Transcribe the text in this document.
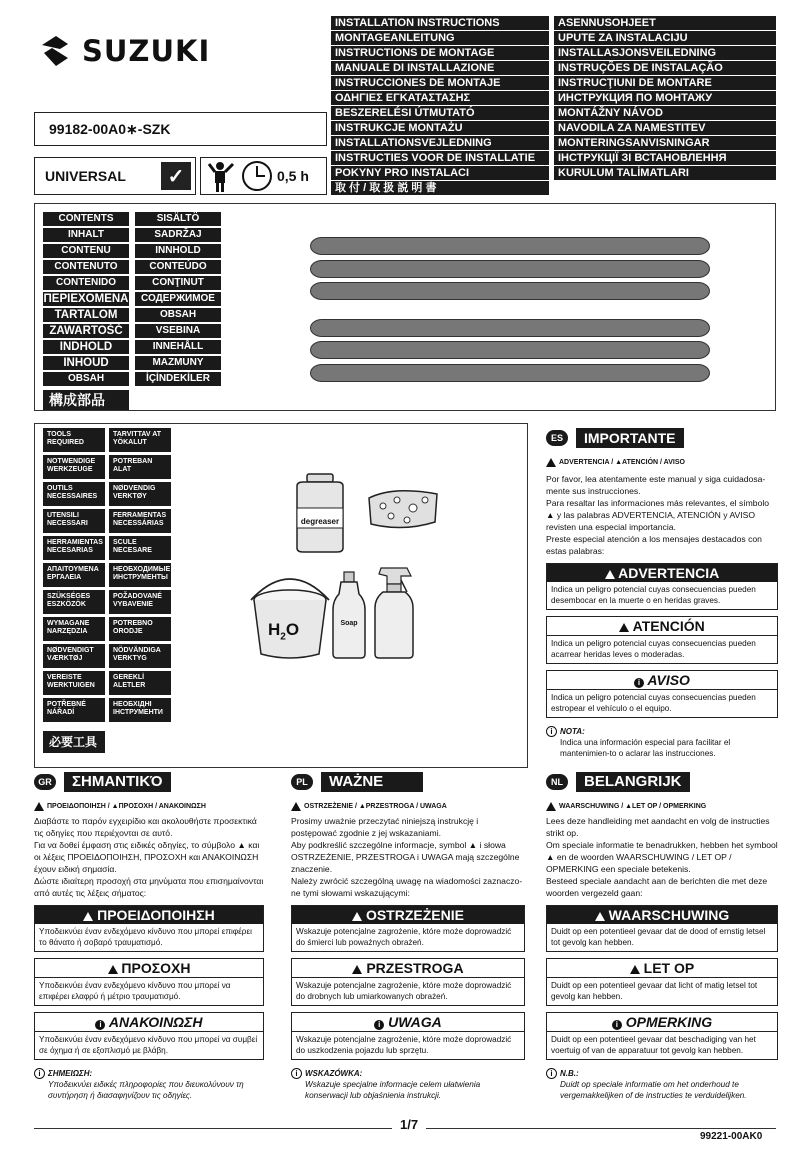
SUZUKI
99182-00A0∗-SZK
UNIVERSAL	✓	0,5 h
INSTALLATION INSTRUCTIONS
MONTAGEANLEITUNG
INSTRUCTIONS DE MONTAGE
MANUALE DI INSTALLAZIONE
INSTRUCCIONES DE MONTAJE
ΟΔΗΓΙΕΣ ΕΓΚΑΤΑΣΤΑΣΗΣ
BESZERELÉSI ÚTMUTATÓ
INSTRUKCJE MONTAŻU
INSTALLATIONSVEJLEDNING
INSTRUCTIES VOOR DE INSTALLATIE
POKYNY PRO INSTALACI
取 付 / 取 扱 説 明 書
ASENNUSOHJEET
UPUTE ZA INSTALACIJU
INSTALLASJONSVEILEDNING
INSTRUÇÕES DE INSTALAÇÃO
INSTRUCŢIUNI DE MONTARE
ИНСТРУКЦИЯ ПО МОНТАЖУ
MONTÁŽNY NÁVOD
NAVODILA ZA NAMESTITEV
MONTERINGSANVISNINGAR
ІНСТРУКЦІЇ ЗІ ВСТАНОВЛЕННЯ
KURULUM TALİMATLARI
CONTENTS	SISÄLTÖ
INHALT	SADRŽAJ
CONTENU	INNHOLD
CONTENUTO	CONTEÚDO
CONTENIDO	CONŢINUT
ΠΕΡΙΕΧΟΜΕΝΑ	СОДЕРЖИМОЕ
TARTALOM	OBSAH
ZAWARTOŚĆ	VSEBINA
INDHOLD	INNEHÅLL
INHOUD	MAZMUNY
OBSAH	İÇİNDEKİLER
構成部品
TOOLS REQUIRED
TARVITTAV AT YÖKALUT
NOTWENDIGE WERKZEUGE
POTREBAN ALAT
OUTILS NECESSAIRES
NØDVENDIG VERKTØY
UTENSILI NECESSARI
FERRAMENTAS NECESSÁRIAS
HERRAMIENTAS NECESARIAS
SCULE NECESARE
ΑΠΑΙΤΟΥΜΕΝΑ ΕΡΓΑΛΕΙΑ
НЕОБХОДИМЫЕ ИНСТРУМЕНТЫ
SZÜKSÉGES ESZKÖZÖK
POŽADOVANÉ VYBAVENIE
WYMAGANE NARZĘDZIA
POTREBNO ORODJE
NØDVENDIGT VÆRKTØJ
NÖDVÄNDIGA VERKTYG
VEREISTE WERKTUIGEN
GEREKLİ ALETLER
POTŘEBNÉ NÁŘADÍ
НЕОБХІДНІ ІНСТРУМЕНТИ
必要工具
degreaser
$H_2O$	Soap
ES	IMPORTANTE
ADVERTENCIA / ▲ATENCIÓN / AVISO
Por favor, lea atentamente este manual y siga cuidadosa-mente sus instrucciones.
Para resaltar las informaciones más relevantes, el símbolo ▲ y las palabras ADVERTENCIA, ATENCIÓN y AVISO revisten una especial importancia.
Preste especial atención a los mensajes destacados con estas palabras:
ADVERTENCIA
Indica un peligro potencial cuyas consecuencias pueden desembocar en la muerte o en heridas graves.
ATENCIÓN
Indica un peligro potencial cuyas consecuencias pueden acarrear heridas leves o moderadas.
i AVISO
Indica un peligro potencial cuyas consecuencias pueden estropear el vehículo o el equipo.
i NOTA:
Indica una información especial para facilitar el mantenimien-to o aclarar las instrucciones.
GR	ΣΗΜΑΝΤΙΚΌ
ΠΡΟΕΙΔΟΠΟΙΗΣΗ / ▲ΠΡΟΣΟΧΗ / ΑΝΑΚΟΙΝΩΣΗ
Διαβάστε το παρόν εγχειρίδιο και ακολουθήστε προσεκτικά τις οδηγίες που περιέχονται σε αυτό.
Για να δοθεί έμφαση στις ειδικές οδηγίες, το σύμβολο ▲ και οι λέξεις ΠΡΟΕΙΔΟΠΟΙΗΣΗ, ΠΡΟΣΟΧΗ και ΑΝΑΚΟΙΝΩΣΗ έχουν ειδική σημασία.
Δώστε ιδιαίτερη προσοχή στα μηνύματα που επισημαίνονται από αυτές τις λέξεις σήματος:
ΠΡΟΕΙΔΟΠΟΙΗΣΗ
Υποδεικνύει έναν ενδεχόμενο κίνδυνο που μπορεί επιφέρει το θάνατο ή σοβαρό τραυματισμό.
ΠΡΟΣΟΧΗ
Υποδεικνύει έναν ενδεχόμενο κίνδυνο που μπορεί να επιφέρει ελαφρύ ή μέτριο τραυματισμό.
i ΑΝΑΚΟΙΝΩΣΗ
Υποδεικνύει έναν ενδεχόμενο κίνδυνο που μπορεί να συμβεί σε όχημα ή σε εξοπλισμό με βλάβη.
i ΣΗΜΕΙΩΣΗ:
Υποδεικνύει ειδικές πληροφορίες που διευκολύνουν τη συντήρηση ή διασαφηνίζουν τις οδηγίες.
PL	WAŻNE
OSTRZEŻENIE / ▲PRZESTROGA / UWAGA
Prosimy uważnie przeczytać niniejszą instrukcję i postępować zgodnie z jej wskazaniami.
Aby podkreślić szczególne informacje, symbol ▲ i słowa OSTRZEŻENIE, PRZESTROGA i UWAGA mają szczególne znaczenie.
Należy zwrócić szczególną uwagę na wiadomości zaznaczo-ne tymi słowami wskazującymi:
OSTRZEŻENIE
Wskazuje potencjalne zagrożenie, które może doprowadzić do śmierci lub poważnych obrażeń.
PRZESTROGA
Wskazuje potencjalne zagrożenie, które może doprowadzić do drobnych lub umiarkowanych obrażeń.
i UWAGA
Wskazuje potencjalne zagrożenie, które może doprowadzić do uszkodzenia pojazdu lub sprzętu.
i WSKAZÓWKA:
Wskazuje specjalne informacje celem ułatwienia konserwacji lub objaśnienia instrukcji.
NL	BELANGRIJK
WAARSCHUWING / ▲LET OP / OPMERKING
Lees deze handleiding met aandacht en volg de instructies strikt op.
Om speciale informatie te benadrukken, hebben het symbool ▲ en de woorden WAARSCHUWING / LET OP / OPMERKING een speciale betekenis.
Besteed speciale aandacht aan de berichten die met deze woorden vergezeld gaan:
WAARSCHUWING
Duidt op een potentieel gevaar dat de dood of ernstig letsel tot gevolg kan hebben.
LET OP
Duidt op een potentieel gevaar dat licht of matig letsel tot gevolg kan hebben.
i OPMERKING
Duidt op een potentieel gevaar dat beschadiging van het voertuig of van de apparatuur tot gevolg kan hebben.
i N.B.:
Duidt op speciale informatie om het onderhoud te vergemakkelijken of de instructies te verduidelijken.
1/7
99221-00AK0
